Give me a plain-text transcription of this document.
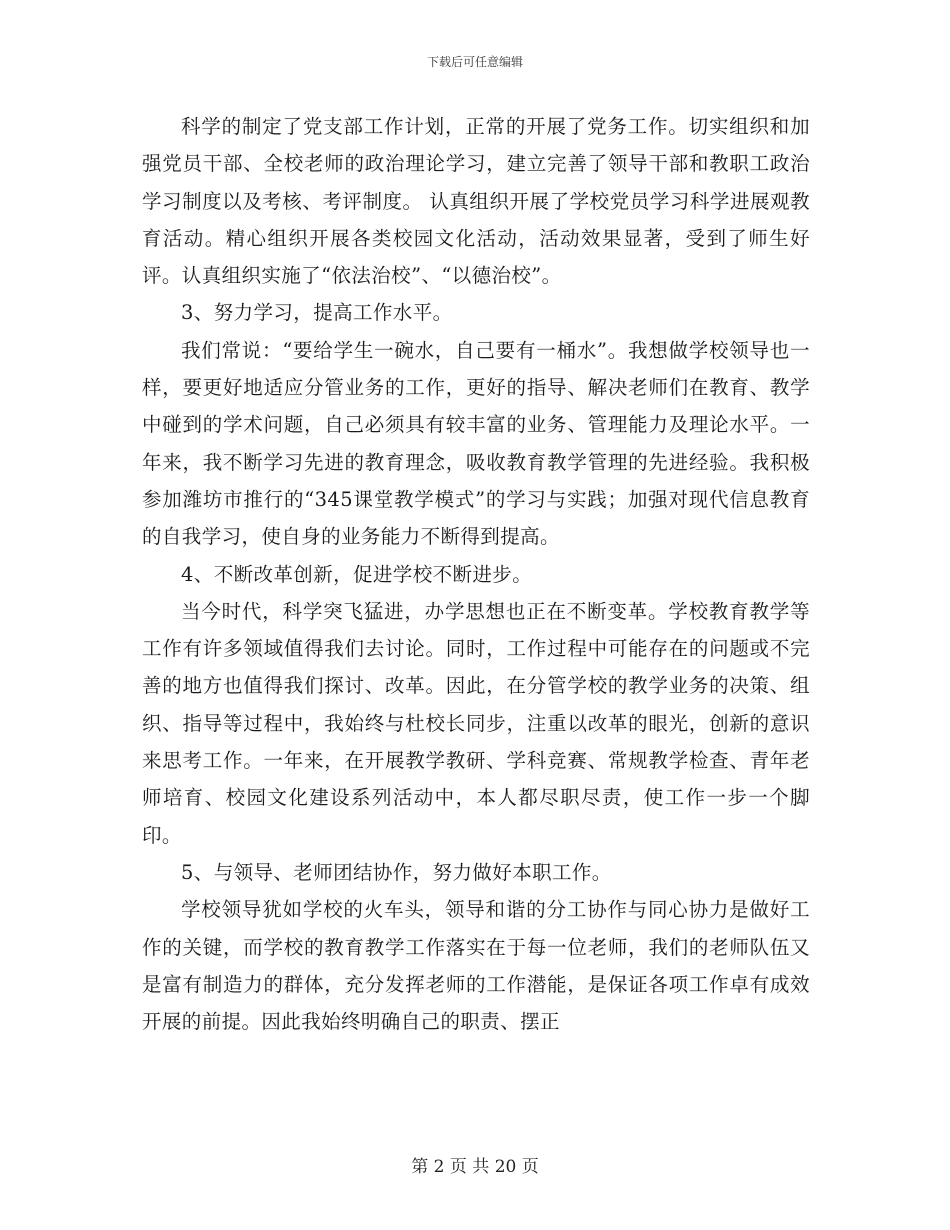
下载后可任意编辑

科学的制定了党支部工作计划，正常的开展了党务工作。切实组织和加强党员干部、全校老师的政治理论学习，建立完善了领导干部和教职工政治学习制度以及考核、考评制度。 认真组织开展了学校党员学习科学进展观教育活动。精心组织开展各类校园文化活动，活动效果显著，受到了师生好评。认真组织实施了“依法治校”、“以德治校”。

3、努力学习，提高工作水平。

我们常说：“要给学生一碗水，自己要有一桶水”。我想做学校领导也一样，要更好地适应分管业务的工作，更好的指导、解决老师们在教育、教学中碰到的学术问题，自己必须具有较丰富的业务、管理能力及理论水平。一年来，我不断学习先进的教育理念，吸收教育教学管理的先进经验。我积极参加潍坊市推行的“345课堂教学模式”的学习与实践；加强对现代信息教育的自我学习，使自身的业务能力不断得到提高。

4、不断改革创新，促进学校不断进步。

当今时代，科学突飞猛进，办学思想也正在不断变革。学校教育教学等工作有许多领域值得我们去讨论。同时，工作过程中可能存在的问题或不完善的地方也值得我们探讨、改革。因此，在分管学校的教学业务的决策、组织、指导等过程中，我始终与杜校长同步，注重以改革的眼光，创新的意识来思考工作。一年来，在开展教学教研、学科竞赛、常规教学检查、青年老师培育、校园文化建设系列活动中，本人都尽职尽责，使工作一步一个脚印。

5、与领导、老师团结协作，努力做好本职工作。

学校领导犹如学校的火车头，领导和谐的分工协作与同心协力是做好工作的关键，而学校的教育教学工作落实在于每一位老师，我们的老师队伍又是富有制造力的群体，充分发挥老师的工作潜能，是保证各项工作卓有成效开展的前提。因此我始终明确自己的职责、摆正

第 2 页 共 20 页
